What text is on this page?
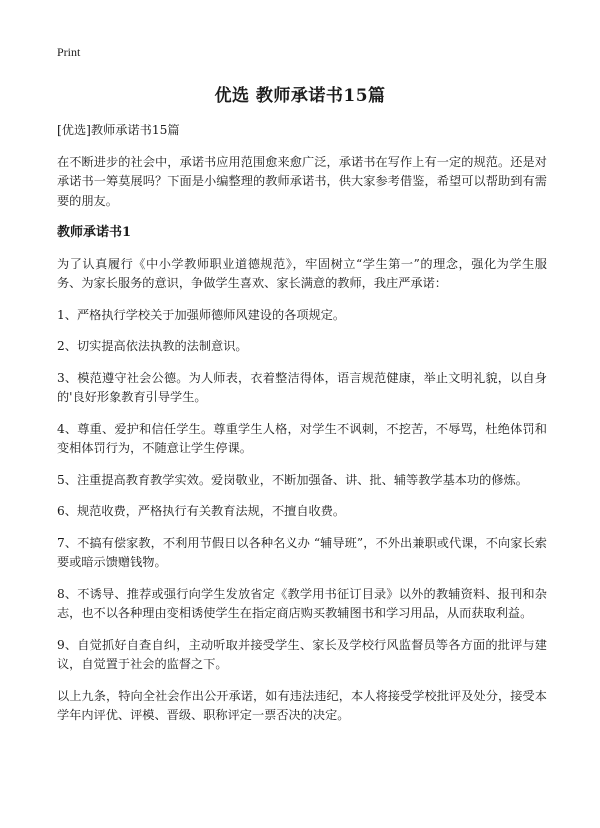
Print
优选 教师承诺书15篇

[优选]教师承诺书15篇

在不断进步的社会中，承诺书应用范围愈来愈广泛，承诺书在写作上有一定的规范。还是对承诺书一筹莫展吗？下面是小编整理的教师承诺书，供大家参考借鉴，希望可以帮助到有需要的朋友。

教师承诺书1

为了认真履行《中小学教师职业道德规范》，牢固树立“学生第一”的理念，强化为学生服务、为家长服务的意识，争做学生喜欢、家长满意的教师，我庄严承诺：

1、严格执行学校关于加强师德师风建设的各项规定。

2、切实提高依法执教的法制意识。

3、模范遵守社会公德。为人师表，衣着整洁得体，语言规范健康，举止文明礼貌，以自身的'良好形象教育引导学生。

4、尊重、爱护和信任学生。尊重学生人格，对学生不讽刺，不挖苦，不辱骂，杜绝体罚和变相体罚行为，不随意让学生停课。

5、注重提高教育教学实效。爱岗敬业，不断加强备、讲、批、辅等教学基本功的修炼。

6、规范收费，严格执行有关教育法规，不擅自收费。

7、不搞有偿家教，不利用节假日以各种名义办 “辅导班”，不外出兼职或代课，不向家长索要或暗示馈赠钱物。

8、不诱导、推荐或强行向学生发放省定《教学用书征订目录》以外的教辅资料、报刊和杂志，也不以各种理由变相诱使学生在指定商店购买教辅图书和学习用品，从而获取利益。

9、自觉抓好自查自纠，主动听取并接受学生、家长及学校行风监督员等各方面的批评与建议，自觉置于社会的监督之下。

以上九条，特向全社会作出公开承诺，如有违法违纪，本人将接受学校批评及处分，接受本学年内评优、评模、晋级、职称评定一票否决的决定。
